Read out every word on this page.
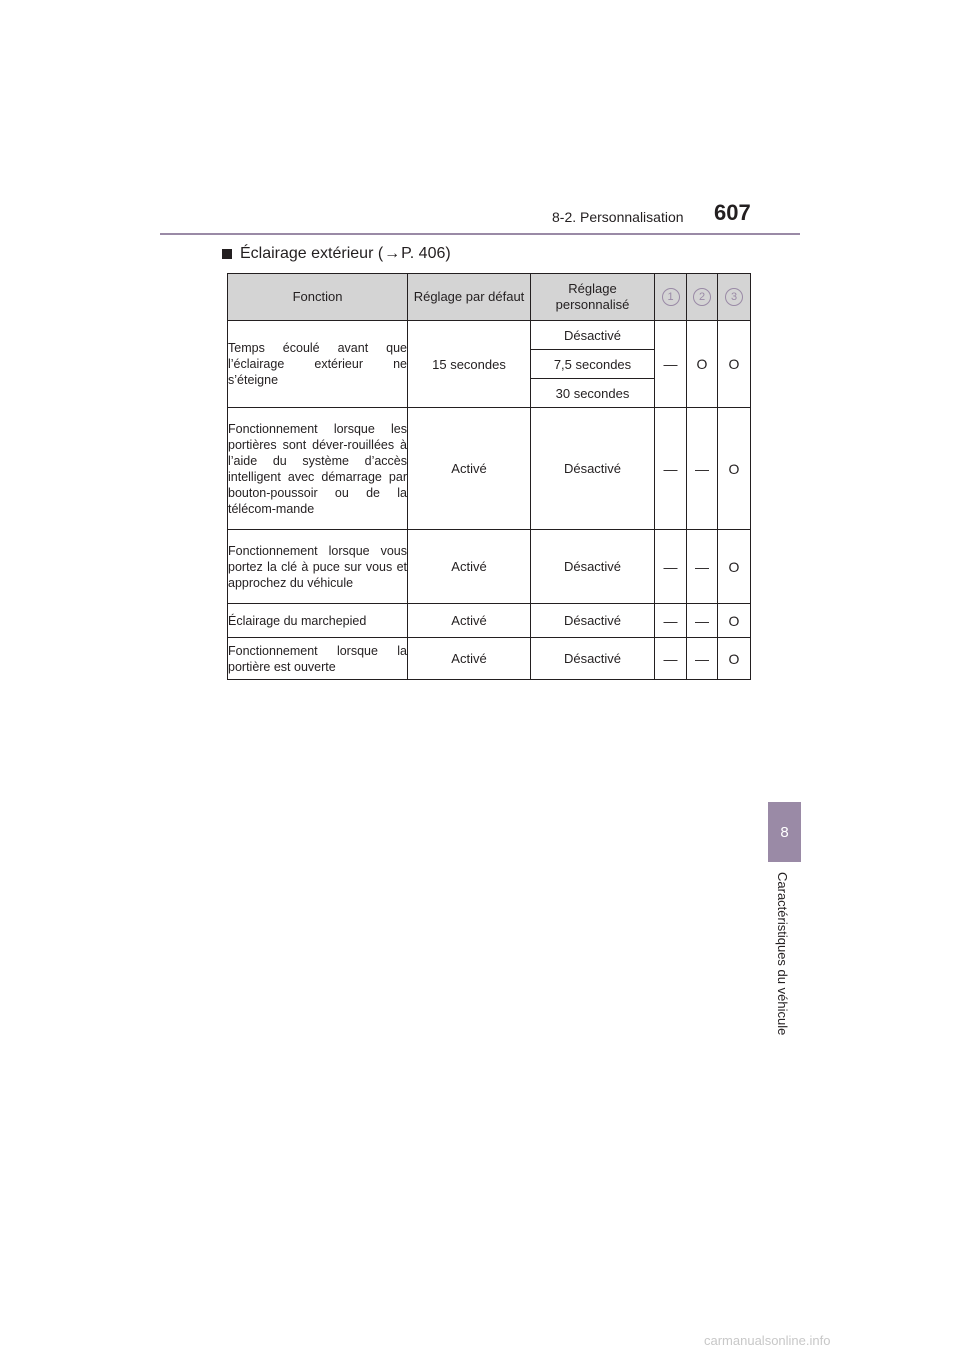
8-2. Personnalisation 607
Éclairage extérieur ( → P. 406)
Fonction	Réglage par défaut	Réglage personnalisé	1	2	3
Temps écoulé avant que l’éclairage extérieur ne s’éteigne	15 secondes	Désactivé	—	O	O
		7,5 secondes			
		30 secondes			
Fonctionnement lorsque les portières sont déver-rouillées à l’aide du système d’accès intelligent avec démarrage par bouton-poussoir ou de la télécom-mande	Activé	Désactivé	—	—	O
Fonctionnement lorsque vous portez la clé à puce sur vous et approchez du véhicule	Activé	Désactivé	—	—	O
Éclairage du marchepied	Activé	Désactivé	—	—	O
Fonctionnement lorsque la portière est ouverte	Activé	Désactivé	—	—	O
8
Caractéristiques du véhicule
carmanualsonline.info
